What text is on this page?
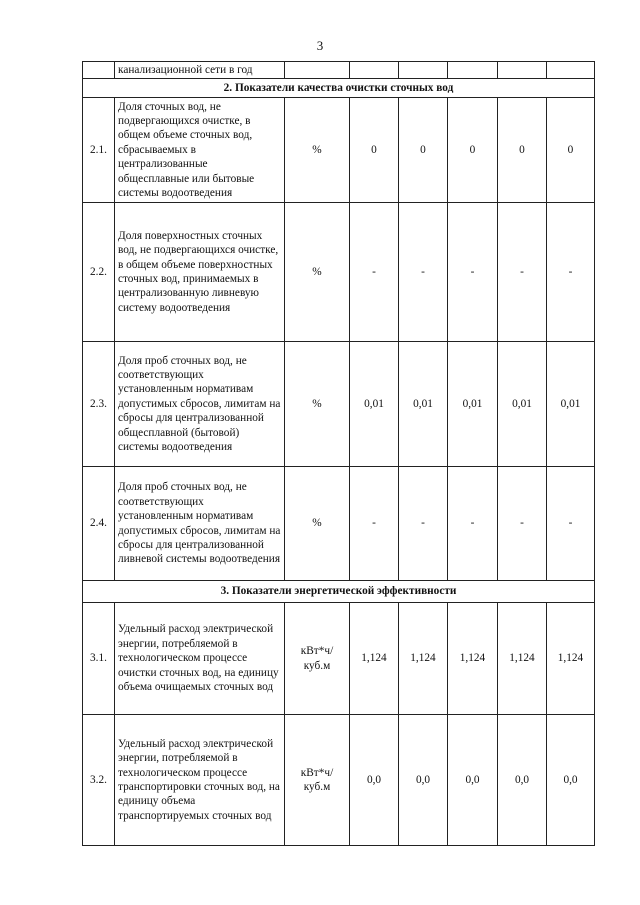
3
	канализационной сети в год						
2. Показатели качества очистки сточных вод							
2.1.	Доля сточных вод, не подвергающихся очистке, в общем объеме сточных вод, сбрасываемых в централизованные общесплавные или бытовые системы водоотведения	%	0	0	0	0	0
2.2.	Доля поверхностных сточных вод, не подвергающихся очистке, в общем объеме поверхностных сточных вод, принимаемых в централизованную ливневую систему водоотведения	%	-	-	-	-	-
2.3.	Доля проб сточных вод, не соответствующих установленным нормативам допустимых сбросов, лимитам на сбросы для централизованной общесплавной (бытовой) системы водоотведения	%	0,01	0,01	0,01	0,01	0,01
2.4.	Доля проб сточных вод, не соответствующих установленным нормативам допустимых сбросов, лимитам на сбросы для централизованной ливневой системы водоотведения	%	-	-	-	-	-
3. Показатели энергетической эффективности							
3.1.	Удельный расход электрической энергии, потребляемой в технологическом процессе очистки сточных вод, на единицу объема очищаемых сточных вод	кВт*ч/куб.м	1,124	1,124	1,124	1,124	1,124
3.2.	Удельный расход электрической энергии, потребляемой в технологическом процессе транспортировки сточных вод, на единицу объема транспортируемых сточных вод	кВт*ч/куб.м	0,0	0,0	0,0	0,0	0,0
